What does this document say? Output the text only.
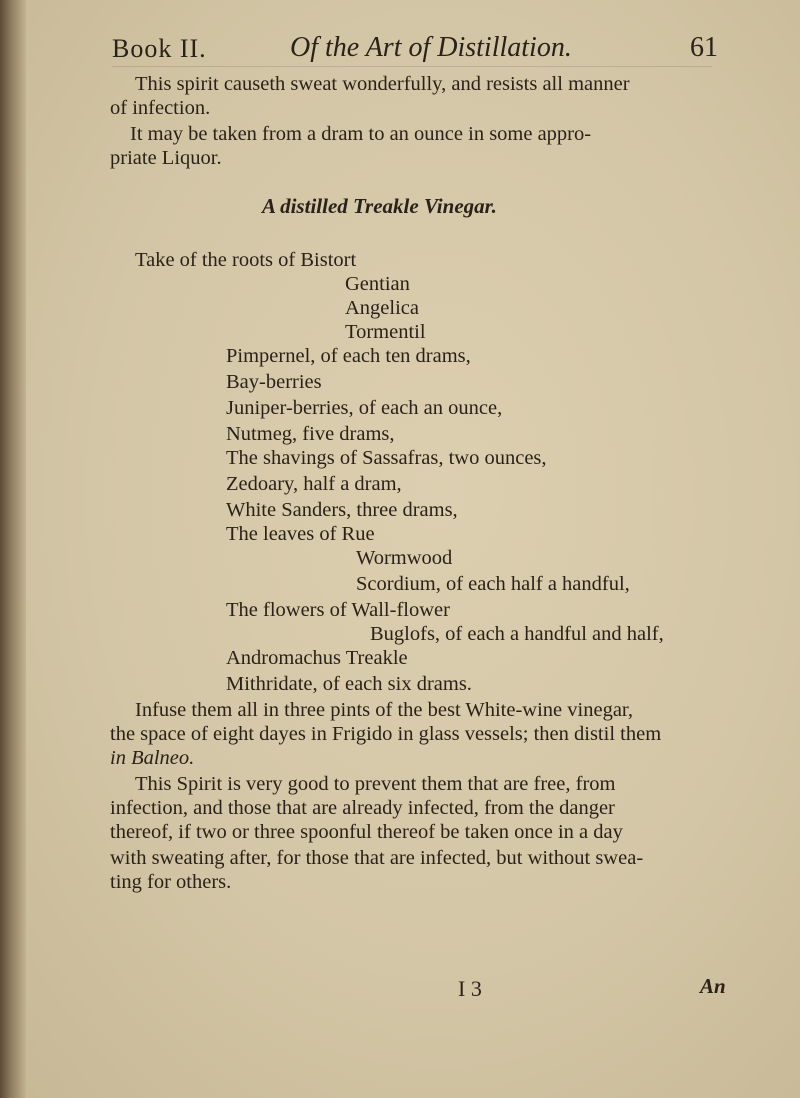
Book II.	Of the Art of Distillation.	61
This spirit causeth sweat wonderfully, and resists all manner
of infection.
It may be taken from a dram to an ounce in some appro-
priate Liquor.
A distilled Treakle Vinegar.
Take of the roots of Bistort
Gentian
Angelica
Tormentil
Pimpernel, of each ten drams,
Bay-berries
Juniper-berries, of each an ounce,
Nutmeg, five drams,
The shavings of Sassafras, two ounces,
Zedoary, half a dram,
White Sanders, three drams,
The leaves of Rue
Wormwood
Scordium, of each half a handful,
The flowers of Wall-flower
Buglofs, of each a handful and half,
Andromachus Treakle
Mithridate, of each six drams.
Infuse them all in three pints of the best White-wine vinegar,
the space of eight dayes in Frigido in glass vessels; then distil them
in Balneo.
This Spirit is very good to prevent them that are free, from
infection, and those that are already infected, from the danger
thereof, if two or three spoonful thereof be taken once in a day
with sweating after, for those that are infected, but without swea-
ting for others.
I 3	An
